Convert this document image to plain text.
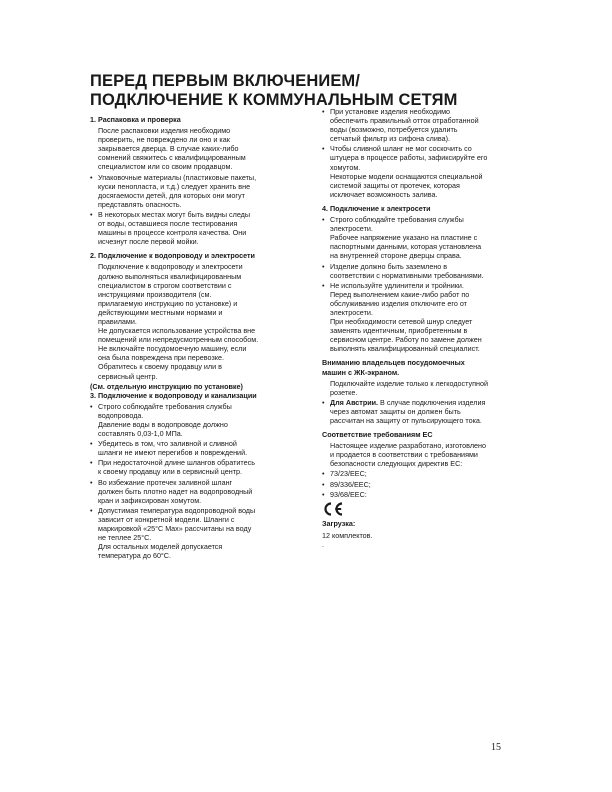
ПЕРЕД ПЕРВЫМ ВКЛЮЧЕНИЕМ/
ПОДКЛЮЧЕНИЕ К КОММУНАЛЬНЫМ СЕТЯМ
1. Распаковка и проверка
После распаковки изделия необходимо
проверить, не повреждено ли оно и как
закрывается дверца. В случае каких-либо
сомнений свяжитесь с квалифицированным
специалистом или со своим продавцом.
• Упаковочные материалы (пластиковые пакеты,
куски пенопласта, и т.д.) следует хранить вне
досягаемости детей, для которых они могут
представлять опасность.
• В некоторых местах могут быть видны следы
от воды, оставшиеся после тестирования
машины в процессе контроля качества. Они
исчезнут после первой мойки.
2. Подключение к водопроводу и электросети
Подключение к водопроводу и электросети
должно выполняться квалифицированным
специалистом в строгом соответствии с
инструкциями производителя (см.
прилагаемую инструкцию по установке) и
действующими местными нормами и
правилами.
Не допускается использование устройства вне
помещений или непредусмотренным способом.
Не включайте посудомоечную машину, если
она была повреждена при перевозке.
Обратитесь к своему продавцу или в
сервисный центр.
(См. отдельную инструкцию по установке)
3. Подключение к водопроводу и канализации
• Строго соблюдайте требования службы
водопровода.
Давление воды в водопроводе должно
составлять 0,03-1,0 МПа.
• Убедитесь в том, что заливной и сливной
шланги не имеют перегибов и повреждений.
• При недостаточной длине шлангов обратитесь
к своему продавцу или в сервисный центр.
• Во избежание протечек заливной шланг
должен быть плотно надет на водопроводный
кран и зафиксирован хомутом.
• Допустимая температура водопроводной воды
зависит от конкретной модели. Шланги с
маркировкой «25°C Max» рассчитаны на воду
не теплее 25°C.
Для остальных моделей допускается
температура до 60°C.
• При установке изделия необходимо
обеспечить правильный отток отработанной
воды (возможно, потребуется удалить
сетчатый фильтр из сифона слива).
• Чтобы сливной шланг не мог соскочить со
штуцера в процессе работы, зафиксируйте его
хомутом.
Некоторые модели оснащаются специальной
системой защиты от протечек, которая
исключает возможность залива.
4. Подключение к электросети
• Строго соблюдайте требования службы
электросети.
Рабочее напряжение указано на пластине с
паспортными данными, которая установлена
на внутренней стороне дверцы справа.
• Изделие должно быть заземлено в
соответствии с нормативными требованиями.
• Не используйте удлинители и тройники.
Перед выполнением какие-либо работ по
обслуживанию изделия отключите его от
электросети.
При необходимости сетевой шнур следует
заменять идентичным, приобретенным в
сервисном центре. Работу по замене должен
выполнять квалифицированный специалист.
Вниманию владельцев посудомоечных
машин с ЖК-экраном.
Подключайте изделие только к легкодоступной
розетке.
• Для Австрии. В случае подключения изделия
через автомат защиты он должен быть
рассчитан на защиту от пульсирующего тока.
Соответствие требованиям ЕС
Настоящее изделие разработано, изготовлено
и продается в соответствии с требованиями
безопасности следующих директив ЕС:
• 73/23/EEC;
• 89/336/EEC;
• 93/68/EEC:
Загрузка:
12 комплектов.
.
15
